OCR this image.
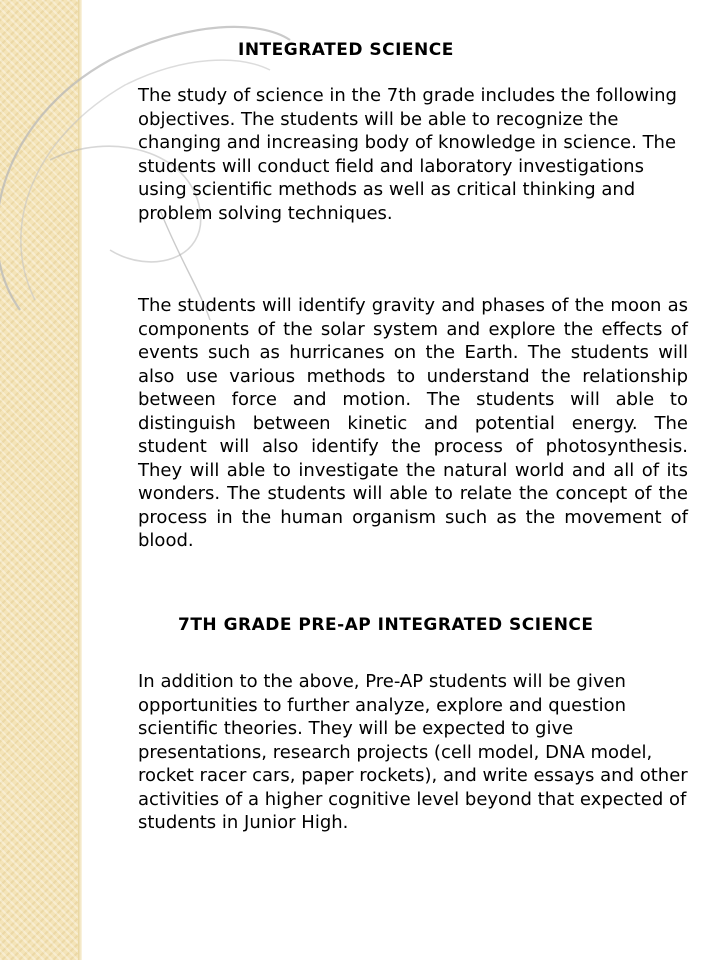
INTEGRATED SCIENCE

The study of science in the 7th grade includes the following objectives. The students will be able to recognize the changing and increasing body of knowledge in science. The students will conduct field and laboratory investigations using scientific methods as well as critical thinking and problem solving techniques.

The students will identify gravity and phases of the moon as components of the solar system and explore the effects of events such as hurricanes on the Earth. The students will also use various methods to understand the relationship between force and motion. The students will able to distinguish between kinetic and potential energy. The student will also identify the process of photosynthesis. They will able to investigate the natural world and all of its wonders. The students will able to relate the concept of the process in the human organism such as the movement of blood.

7TH GRADE PRE-AP INTEGRATED SCIENCE

In addition to the above, Pre-AP students will be given opportunities to further analyze, explore and question scientific theories. They will be expected to give presentations, research projects (cell model, DNA model, rocket racer cars, paper rockets), and write essays and other activities of a higher cognitive level beyond that expected of students in Junior High.
